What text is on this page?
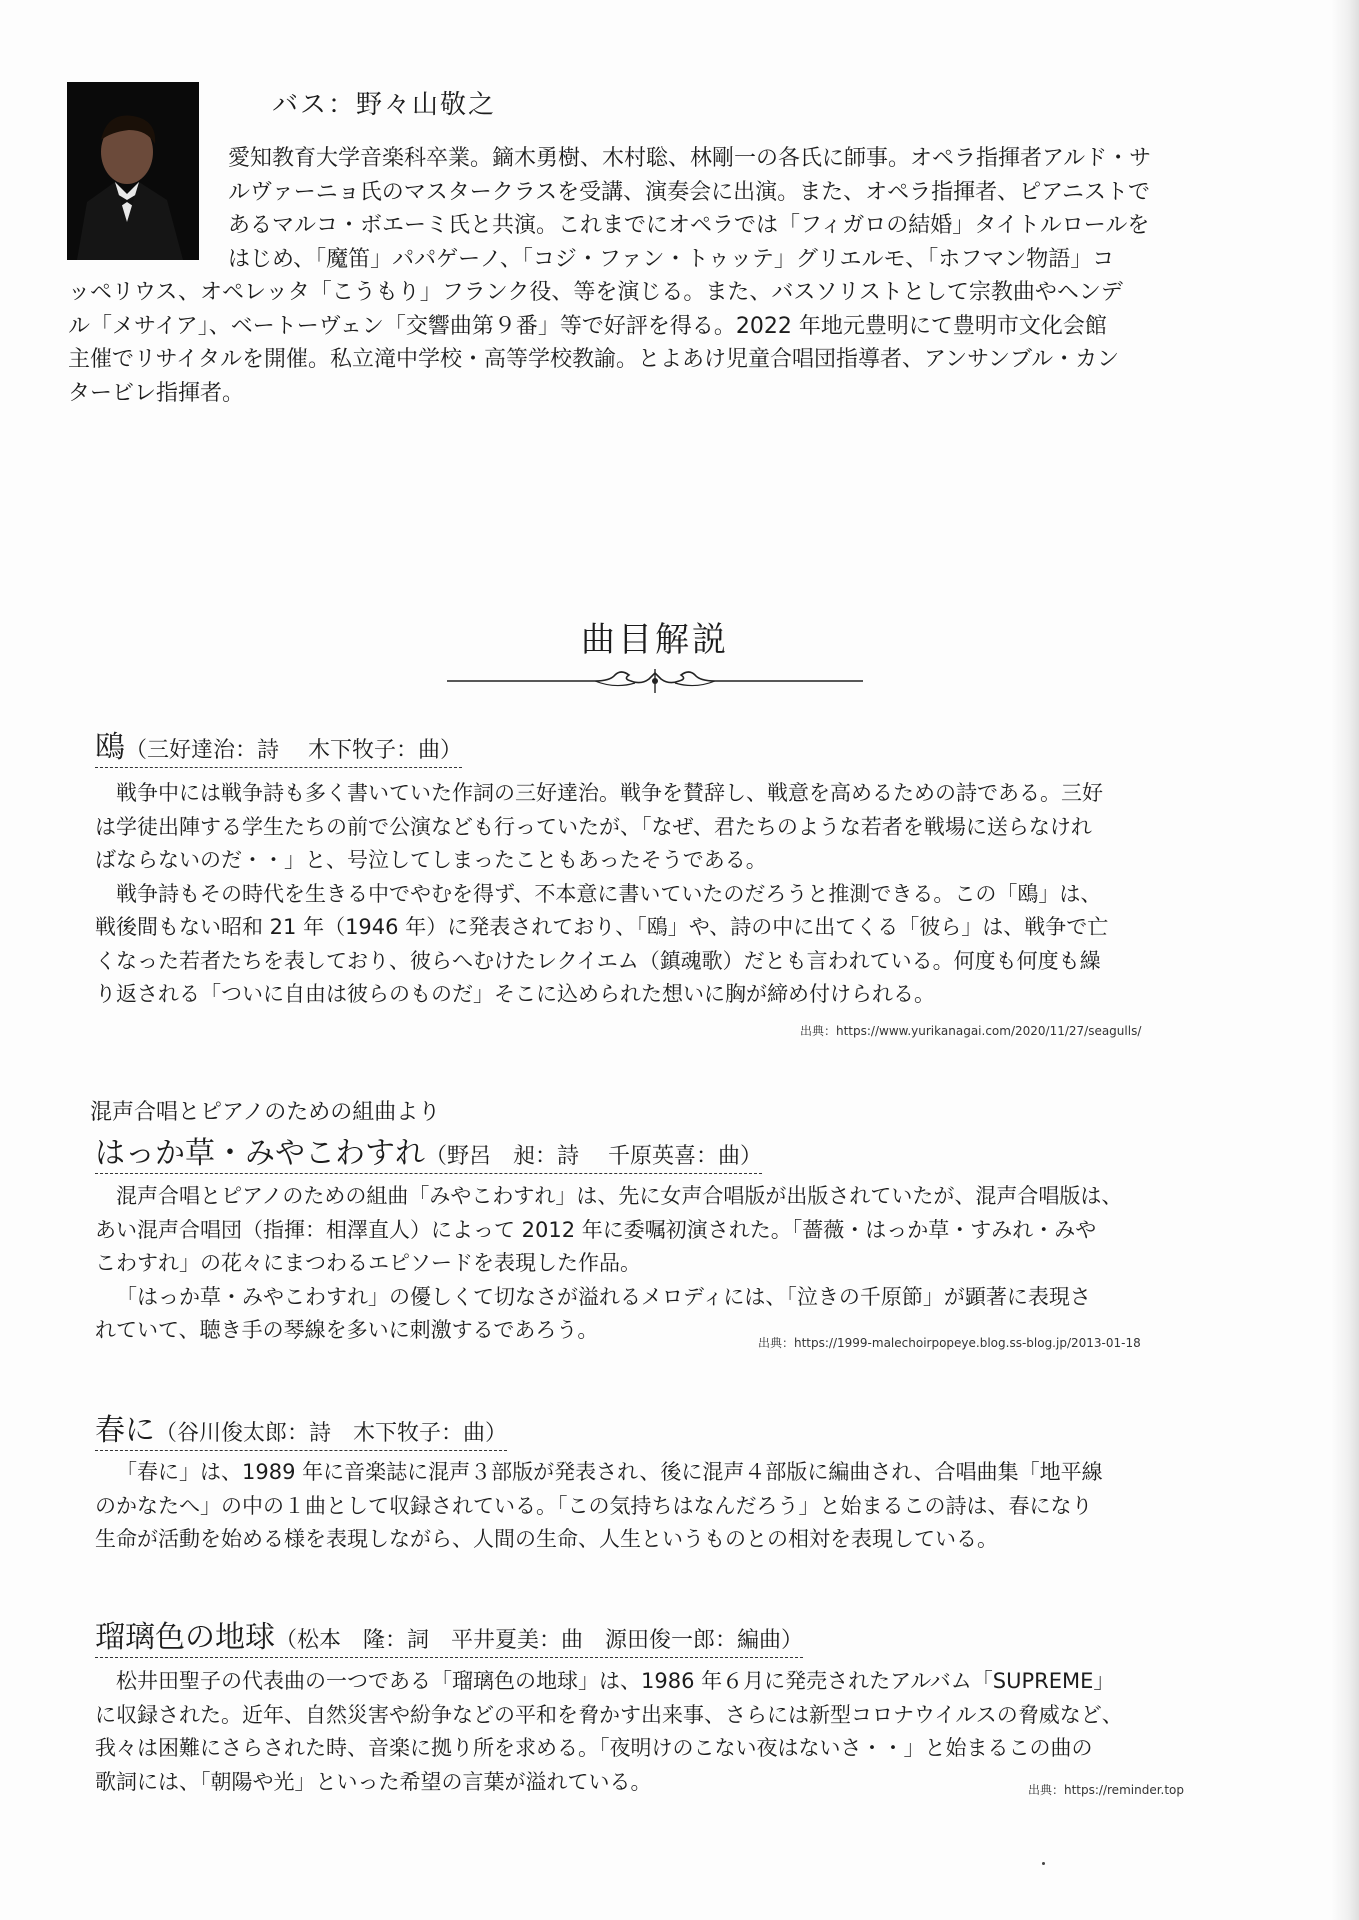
バス：野々山敬之
愛知教育大学音楽科卒業。鏑木勇樹、木村聡、林剛一の各氏に師事。オペラ指揮者アルド・サ
ルヴァーニョ氏のマスタークラスを受講、演奏会に出演。また、オペラ指揮者、ピアニストで
あるマルコ・ボエーミ氏と共演。これまでにオペラでは「フィガロの結婚」タイトルロールを
はじめ、「魔笛」パパゲーノ、「コジ・ファン・トゥッテ」グリエルモ、「ホフマン物語」コ
ッペリウス、オペレッタ「こうもり」フランク役、等を演じる。また、バスソリストとして宗教曲やヘンデ
ル「メサイア」、ベートーヴェン「交響曲第９番」等で好評を得る。2022 年地元豊明にて豊明市文化会館
主催でリサイタルを開催。私立滝中学校・高等学校教諭。とよあけ児童合唱団指導者、アンサンブル・カン
タービレ指揮者。
曲目解説
鴎（三好達治：詩　 木下牧子：曲）
戦争中には戦争詩も多く書いていた作詞の三好達治。戦争を賛辞し、戦意を高めるための詩である。三好
は学徒出陣する学生たちの前で公演なども行っていたが、「なぜ、君たちのような若者を戦場に送らなけれ
ばならないのだ・・」と、号泣してしまったこともあったそうである。
戦争詩もその時代を生きる中でやむを得ず、不本意に書いていたのだろうと推測できる。この「鴎」は、
戦後間もない昭和 21 年（1946 年）に発表されており、「鴎」や、詩の中に出てくる「彼ら」は、戦争で亡
くなった若者たちを表しており、彼らへむけたレクイエム（鎮魂歌）だとも言われている。何度も何度も繰
り返される「ついに自由は彼らのものだ」そこに込められた想いに胸が締め付けられる。
出典：https://www.yurikanagai.com/2020/11/27/seagulls/
混声合唱とピアノのための組曲より
はっか草・みやこわすれ（野呂　昶：詩　 千原英喜：曲）
混声合唱とピアノのための組曲「みやこわすれ」は、先に女声合唱版が出版されていたが、混声合唱版は、
あい混声合唱団（指揮：相澤直人）によって 2012 年に委嘱初演された。「薔薇・はっか草・すみれ・みや
こわすれ」の花々にまつわるエピソードを表現した作品。
「はっか草・みやこわすれ」の優しくて切なさが溢れるメロディには、「泣きの千原節」が顕著に表現さ
れていて、聴き手の琴線を多いに刺激するであろう。
出典：https://1999-malechoirpopeye.blog.ss-blog.jp/2013-01-18
春に（谷川俊太郎：詩　木下牧子：曲）
「春に」は、1989 年に音楽誌に混声３部版が発表され、後に混声４部版に編曲され、合唱曲集「地平線
のかなたへ」の中の１曲として収録されている。「この気持ちはなんだろう」と始まるこの詩は、春になり
生命が活動を始める様を表現しながら、人間の生命、人生というものとの相対を表現している。
瑠璃色の地球（松本　隆：詞　平井夏美：曲　源田俊一郎：編曲）
松井田聖子の代表曲の一つである「瑠璃色の地球」は、1986 年６月に発売されたアルバム「SUPREME」
に収録された。近年、自然災害や紛争などの平和を脅かす出来事、さらには新型コロナウイルスの脅威など、
我々は困難にさらされた時、音楽に拠り所を求める。「夜明けのこない夜はないさ・・」と始まるこの曲の
歌詞には、「朝陽や光」といった希望の言葉が溢れている。	出典：https://reminder.top
